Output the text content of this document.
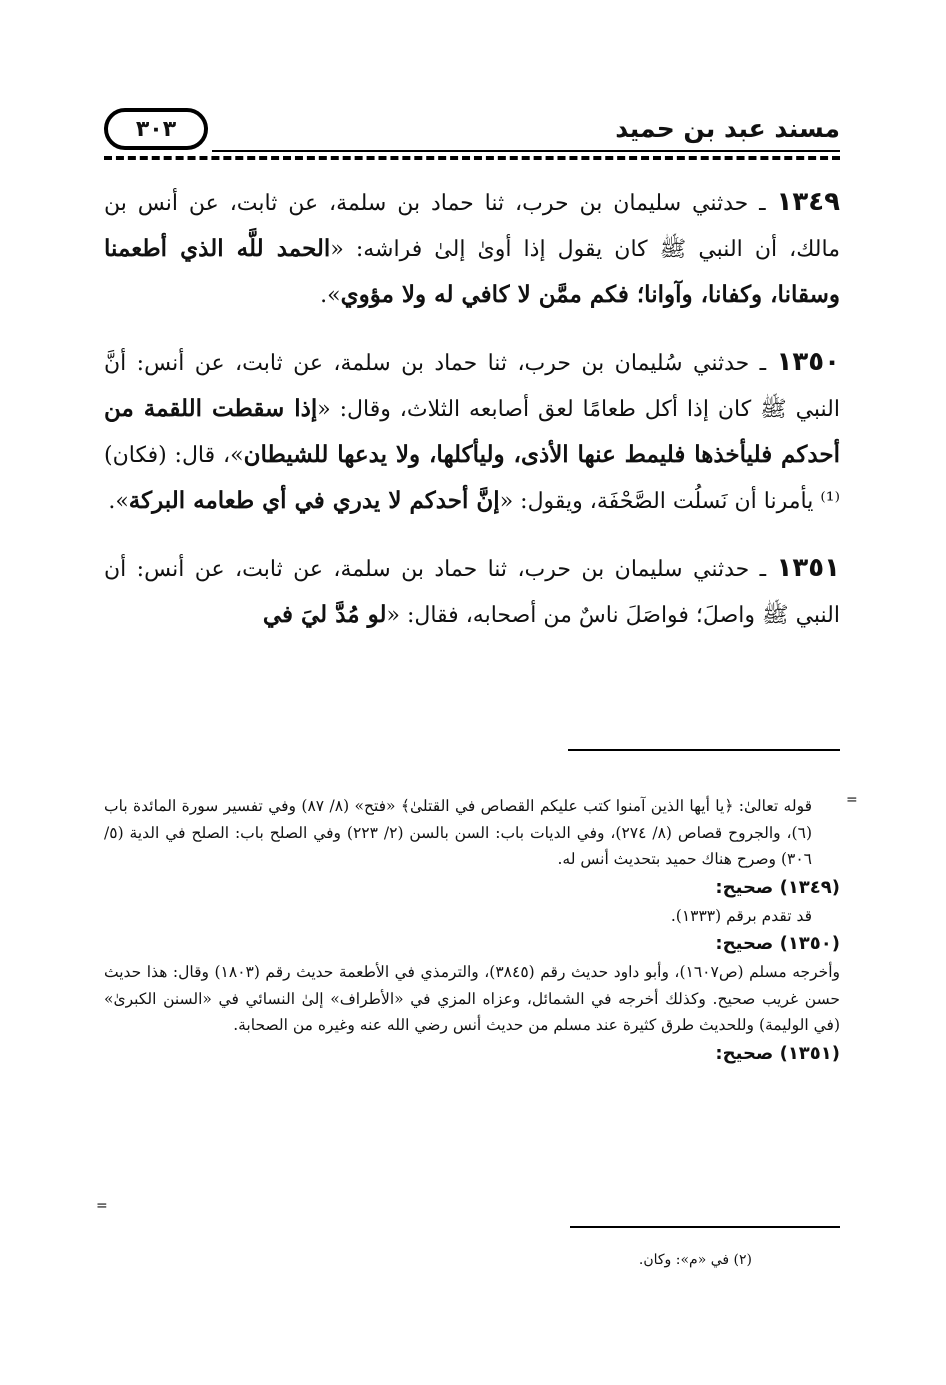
٣٠٣	مسند عبد بن حميد

١٣٤٩ ـ حدثني سليمان بن حرب، ثنا حماد بن سلمة، عن ثابت، عن أنس بن مالك، أن النبي ﷺ كان يقول إذا أوىٰ إلىٰ فراشه: «الحمد للَّه الذي أطعمنا وسقانا، وكفانا، وآوانا؛ فكم ممَّن لا كافي له ولا مؤوي».

١٣٥٠ ـ حدثني سُليمان بن حرب، ثنا حماد بن سلمة، عن ثابت، عن أنس: أنَّ النبي ﷺ كان إذا أكل طعامًا لعق أصابعه الثلاث، وقال: «إذا سقطت اللقمة من أحدكم فليأخذها فليمط عنها الأذى، وليأكلها، ولا يدعها للشيطان»، قال: (فكان)⁽¹⁾ يأمرنا أن نَسلُت الصَّحْفَة، ويقول: «إنَّ أحدكم لا يدري في أي طعامه البركة».

١٣٥١ ـ حدثني سليمان بن حرب، ثنا حماد بن سلمة، عن ثابت، عن أنس: أن النبي ﷺ واصلَ؛ فواصَلَ ناسٌ من أصحابه، فقال: «لو مُدَّ ليَ في

=
=

قوله تعالىٰ: ﴿يا أيها الذين آمنوا كتب عليكم القصاص في القتلىٰ﴾ «فتح» (٨/ ٨٧) وفي تفسير سورة المائدة باب (٦)، والجروح قصاص (٨/ ٢٧٤)، وفي الديات باب: السن بالسن (٢/ ٢٢٣) وفي الصلح باب: الصلح في الدية (٥/ ٣٠٦) وصرح هناك حميد بتحديث أنس له.

(١٣٤٩) صحيح:

قد تقدم برقم (١٣٣٣).

(١٣٥٠) صحيح:

وأخرجه مسلم (ص١٦٠٧)، وأبو داود حديث رقم (٣٨٤٥)، والترمذي في الأطعمة حديث رقم (١٨٠٣) وقال: هذا حديث حسن غريب صحيح. وكذلك أخرجه في الشمائل، وعزاه المزي في «الأطراف» إلىٰ النسائي في «السنن الكبرىٰ» (في الوليمة) وللحديث طرق كثيرة عند مسلم من حديث أنس رضي الله عنه وغيره من الصحابة.

(١٣٥١) صحيح:

(٢) في «م»: وكان.
